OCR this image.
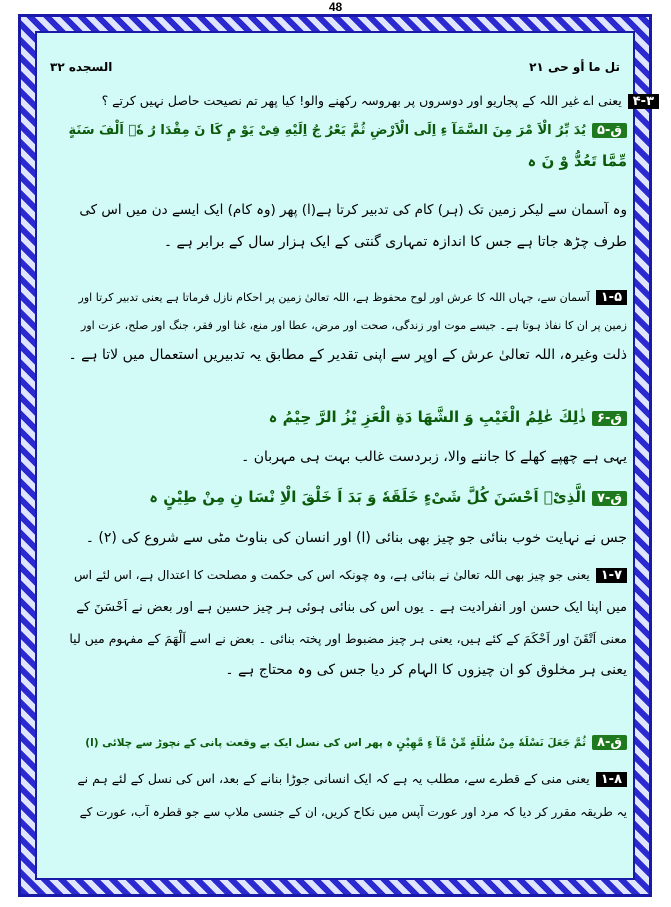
48
تل ما أو حى ۲۱
السجده ۳۲
۴-۳یعنی اے غیر اللہ کے پجاریو اور دوسروں پر بھروسہ رکھنے والو! کیا پھر تم نصیحت حاصل نہیں کرتے ؟
ق-۵یُدَ بِّرُ الْاَ مْرَ مِنَ السَّمَآ ءِ اِلَى الْاَرْضِ ثُمَّ یَعْرُ جُ اِلَیْهِ فِیْ یَوْ مٍ كَا نَ مِقْدَا رُ هٗۤ اَلْفَ سَنَةٍ
مِّمَّا تَعُدُّ وْ نَ ہ
وہ آسمان سے لیکر زمین تک (ہر) کام کی تدبیر کرتا ہے(ا) پھر (وہ کام) ایک ایسے دن میں اس کی
طرف چڑھ جاتا ہے جس کا اندازہ تمہاری گنتی کے ایک ہزار سال کے برابر ہے ۔
۱-۵آسمان سے، جہاں اللہ کا عرش اور لوح محفوظ ہے، اللہ تعالیٰ زمین پر احکام نازل فرماتا ہے یعنی تدبیر کرتا اور
زمین پر ان کا نفاذ ہوتا ہے۔ جیسے موت اور زندگی، صحت اور مرض، عطا اور منع، غنا اور فقر، جنگ اور صلح، عزت اور
ذلت وغیرہ، اللہ تعالیٰ عرش کے اوپر سے اپنی تقدیر کے مطابق یہ تدبیریں استعمال میں لاتا ہے ۔
ق-۶ذٰلِكَ عٰلِمُ الْغَیْبِ وَ الشَّهَا دَةِ الْعَزِ یْزُ الرَّ حِیْمُ ہ
یہی ہے چھپے کھلے کا جاننے والا، زبردست غالب بہت ہی مہربان ۔
ق-۷الَّذِیْۤ اَحْسَنَ كُلَّ شَیْءٍ خَلَقَهٗ وَ بَدَ اَ خَلْقَ الْاِ نْسَا نِ مِنْ طِیْنٍ ہ
جس نے نہایت خوب بنائی جو چیز بھی بنائی (ا) اور انسان کی بناوٹ مٹی سے شروع کی (۲) ۔
۱-۷یعنی جو چیز بھی اللہ تعالیٰ نے بنائی ہے، وہ چونکہ اس کی حکمت و مصلحت کا اعتدال ہے، اس لئے اس
میں اپنا ایک حسن اور انفرادیت ہے ۔ یوں اس کی بنائی ہوئی ہر چیز حسین ہے اور بعض نے اَحْسَنَ کے
معنی اَتْقَنَ اور اَحْكَمَ کے کئے ہیں، یعنی ہر چیز مضبوط اور پختہ بنائی ۔ بعض نے اسے اَلْهَمَ کے مفہوم میں لیا
یعنی ہر مخلوق کو ان چیزوں کا الہام کر دیا جس کی وہ محتاج ہے ۔
ق-۸ثُمَّ جَعَلَ نَسْلَهٗ مِنْ سُلٰلَةٍ مِّنْ مَّآ ءٍ مَّهِیْنٍ ہ پھر اس کی نسل ایک بے وقعت پانی کے نچوڑ سے چلائی (ا)
۱-۸یعنی منی کے قطرے سے، مطلب یہ ہے کہ ایک انسانی جوڑا بنانے کے بعد، اس کی نسل کے لئے ہم نے
یہ طریقہ مقرر کر دیا کہ مرد اور عورت آپس میں نکاح کریں، ان کے جنسی ملاپ سے جو قطرہ آب، عورت کے
